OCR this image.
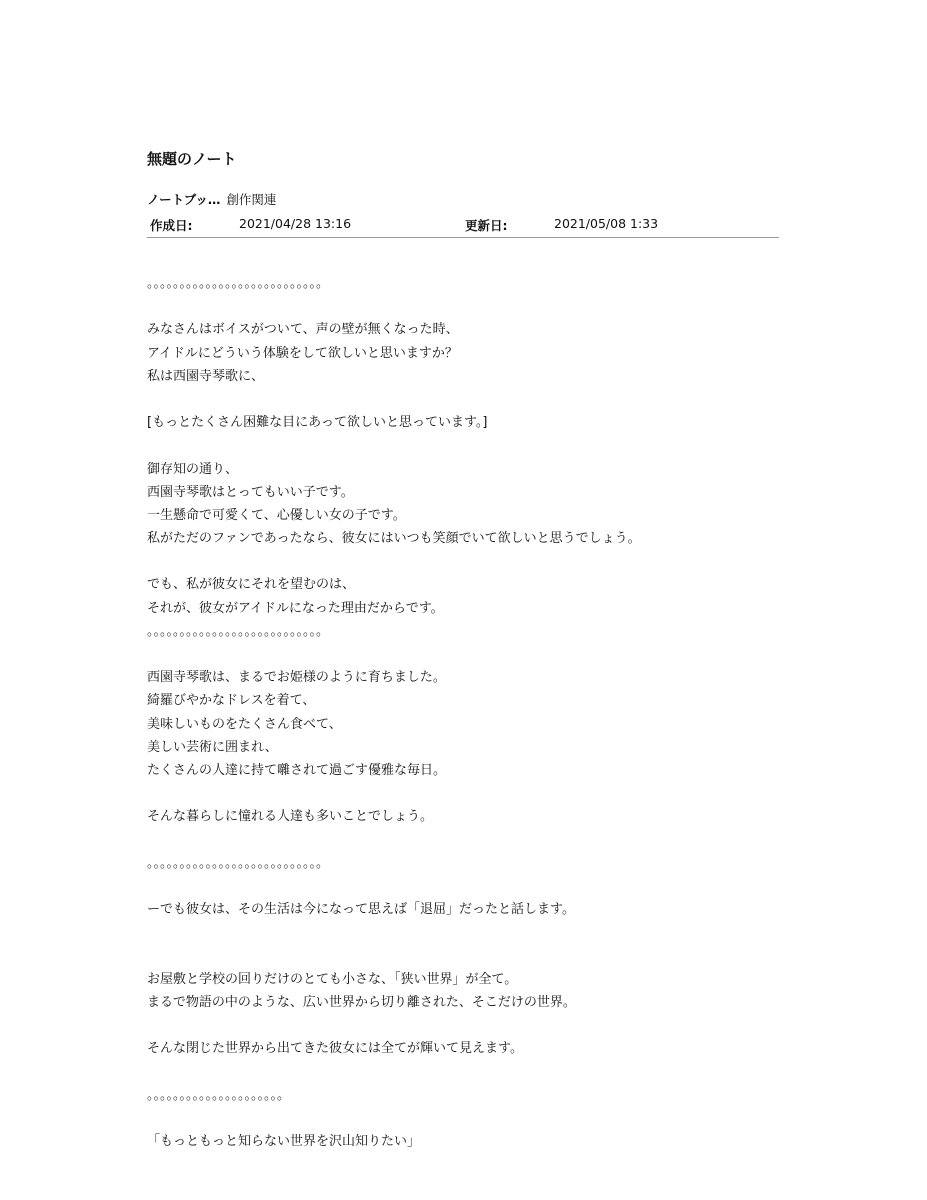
無題のノート
ノートブッ… 創作関連
作成日:	2021/04/28 13:16	更新日:	2021/05/08 1:33
。。。。。。。。。。。。。。。。。。。。。。。。。。。
みなさんはボイスがついて、声の壁が無くなった時、
アイドルにどういう体験をして欲しいと思いますか？
私は西園寺琴歌に、
[もっとたくさん困難な目にあって欲しいと思っています。]
御存知の通り、
西園寺琴歌はとってもいい子です。
一生懸命で可愛くて、心優しい女の子です。
私がただのファンであったなら、彼女にはいつも笑顔でいて欲しいと思うでしょう。
でも、私が彼女にそれを望むのは、
それが、彼女がアイドルになった理由だからです。
。。。。。。。。。。。。。。。。。。。。。。。。。。。
西園寺琴歌は、まるでお姫様のように育ちました。
綺羅びやかなドレスを着て、
美味しいものをたくさん食べて、
美しい芸術に囲まれ、
たくさんの人達に持て囃されて過ごす優雅な毎日。
そんな暮らしに憧れる人達も多いことでしょう。
。。。。。。。。。。。。。。。。。。。。。。。。。。。
ーでも彼女は、その生活は今になって思えば「退屈」だったと話します。
お屋敷と学校の回りだけのとても小さな、「狭い世界」が全て。
まるで物語の中のような、広い世界から切り離された、そこだけの世界。
そんな閉じた世界から出てきた彼女には全てが輝いて見えます。
。。。。。。。。。。。。。。。。。。。。。
「もっともっと知らない世界を沢山知りたい」
